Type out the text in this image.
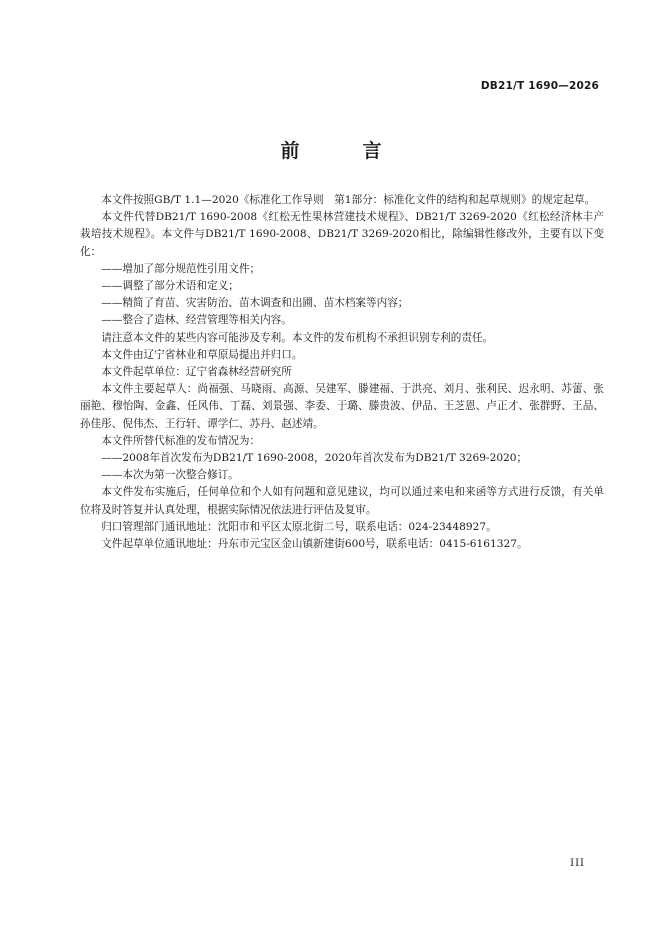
DB21/T 1690—2026
前　言

本文件按照GB/T 1.1—2020《标准化工作导则　第1部分：标准化文件的结构和起草规则》的规定起草。

本文件代替DB21/T 1690-2008《红松无性果林营建技术规程》、DB21/T 3269-2020《红松经济林丰产栽培技术规程》。本文件与DB21/T 1690-2008、DB21/T 3269-2020相比，除编辑性修改外，主要有以下变化：

——增加了部分规范性引用文件；

——调整了部分术语和定义；

——精简了育苗、灾害防治、苗木调查和出圃、苗木档案等内容；

——整合了造林、经营管理等相关内容。

请注意本文件的某些内容可能涉及专利。本文件的发布机构不承担识别专利的责任。

本文件由辽宁省林业和草原局提出并归口。

本文件起草单位：辽宁省森林经营研究所

本文件主要起草人：尚福强、马晓雨、高源、吴建军、滕建福、于洪亮、刘月、张利民、迟永明、苏蕾、张丽艳、穆怡陶、金鑫、任风伟、丁磊、刘景强、李委、于璐、滕贵波、伊品、王芝恩、卢正才、张群野、王品、孙佳彤、倪伟杰、王行轩、谭学仁、苏丹、赵述靖。

本文件所替代标准的发布情况为：

——2008年首次发布为DB21/T 1690-2008，2020年首次发布为DB21/T 3269-2020；

——本次为第一次整合修订。

本文件发布实施后，任何单位和个人如有问题和意见建议，均可以通过来电和来函等方式进行反馈，有关单位将及时答复并认真处理，根据实际情况依法进行评估及复审。

归口管理部门通讯地址：沈阳市和平区太原北街二号，联系电话：024-23448927。

文件起草单位通讯地址：丹东市元宝区金山镇新建街600号，联系电话：0415-6161327。

III
